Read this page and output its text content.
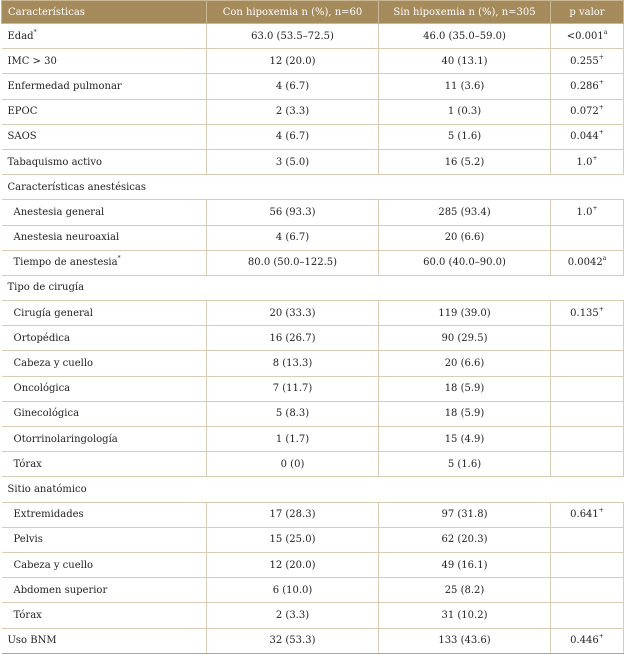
Características	Con hipoxemia n (%), n=60	Sin hipoxemia n (%), n=305	p valor
Edad*	63.0 (53.5–72.5)	46.0 (35.0–59.0)	<0.001$^a$
IMC > 30	12 (20.0)	40 (13.1)	0.255+
Enfermedad pulmonar	4 (6.7)	11 (3.6)	0.286+
EPOC	2 (3.3)	1 (0.3)	0.072+
SAOS	4 (6.7)	5 (1.6)	0.044+
Tabaquismo activo	3 (5.0)	16 (5.2)	1.0+
Características anestésicas			
Anestesia general	56 (93.3)	285 (93.4)	1.0+
Anestesia neuroaxial	4 (6.7)	20 (6.6)	
Tiempo de anestesia*	80.0 (50.0–122.5)	60.0 (40.0–90.0)	0.0042$^a$
Tipo de cirugía			
Cirugía general	20 (33.3)	119 (39.0)	0.135+
Ortopédica	16 (26.7)	90 (29.5)	
Cabeza y cuello	8 (13.3)	20 (6.6)	
Oncológica	7 (11.7)	18 (5.9)	
Ginecológica	5 (8.3)	18 (5.9)	
Otorrinolaringología	1 (1.7)	15 (4.9)	
Tórax	0 (0)	5 (1.6)	
Sitio anatómico			
Extremidades	17 (28.3)	97 (31.8)	0.641+
Pelvis	15 (25.0)	62 (20.3)	
Cabeza y cuello	12 (20.0)	49 (16.1)	
Abdomen superior	6 (10.0)	25 (8.2)	
Tórax	2 (3.3)	31 (10.2)	
Uso BNM	32 (53.3)	133 (43.6)	0.446+
